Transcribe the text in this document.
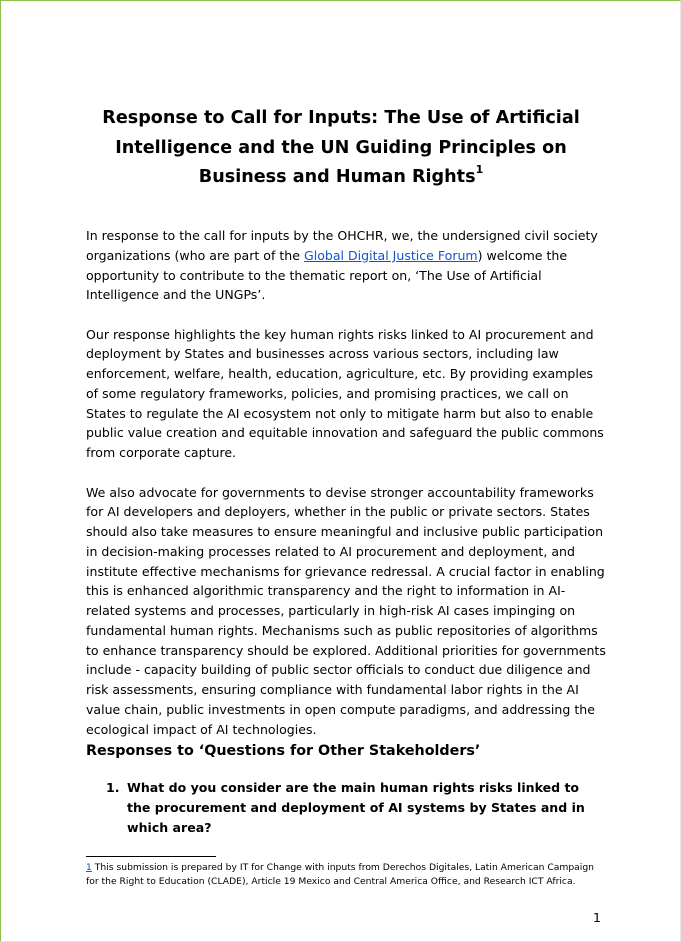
Response to Call for Inputs: The Use of Artificial Intelligence and the UN Guiding Principles on Business and Human Rights$^1$

In response to the call for inputs by the OHCHR, we, the undersigned civil society organizations (who are part of the Global Digital Justice Forum) welcome the opportunity to contribute to the thematic report on, ‘The Use of Artificial Intelligence and the UNGPs’.

Our response highlights the key human rights risks linked to AI procurement and deployment by States and businesses across various sectors, including law enforcement, welfare, health, education, agriculture, etc. By providing examples of some regulatory frameworks, policies, and promising practices, we call on States to regulate the AI ecosystem not only to mitigate harm but also to enable public value creation and equitable innovation and safeguard the public commons from corporate capture.

We also advocate for governments to devise stronger accountability frameworks for AI developers and deployers, whether in the public or private sectors. States should also take measures to ensure meaningful and inclusive public participation in decision-making processes related to AI procurement and deployment, and institute effective mechanisms for grievance redressal. A crucial factor in enabling this is enhanced algorithmic transparency and the right to information in AI-related systems and processes, particularly in high-risk AI cases impinging on fundamental human rights. Mechanisms such as public repositories of algorithms to enhance transparency should be explored. Additional priorities for governments include - capacity building of public sector officials to conduct due diligence and risk assessments, ensuring compliance with fundamental labor rights in the AI value chain, public investments in open compute paradigms, and addressing the ecological impact of AI technologies.

Responses to ‘Questions for Other Stakeholders’
1. What do you consider are the main human rights risks linked to the procurement and deployment of AI systems by States and in which area?
1 This submission is prepared by IT for Change with inputs from Derechos Digitales, Latin American Campaign for the Right to Education (CLADE), Article 19 Mexico and Central America Office, and Research ICT Africa.
1
